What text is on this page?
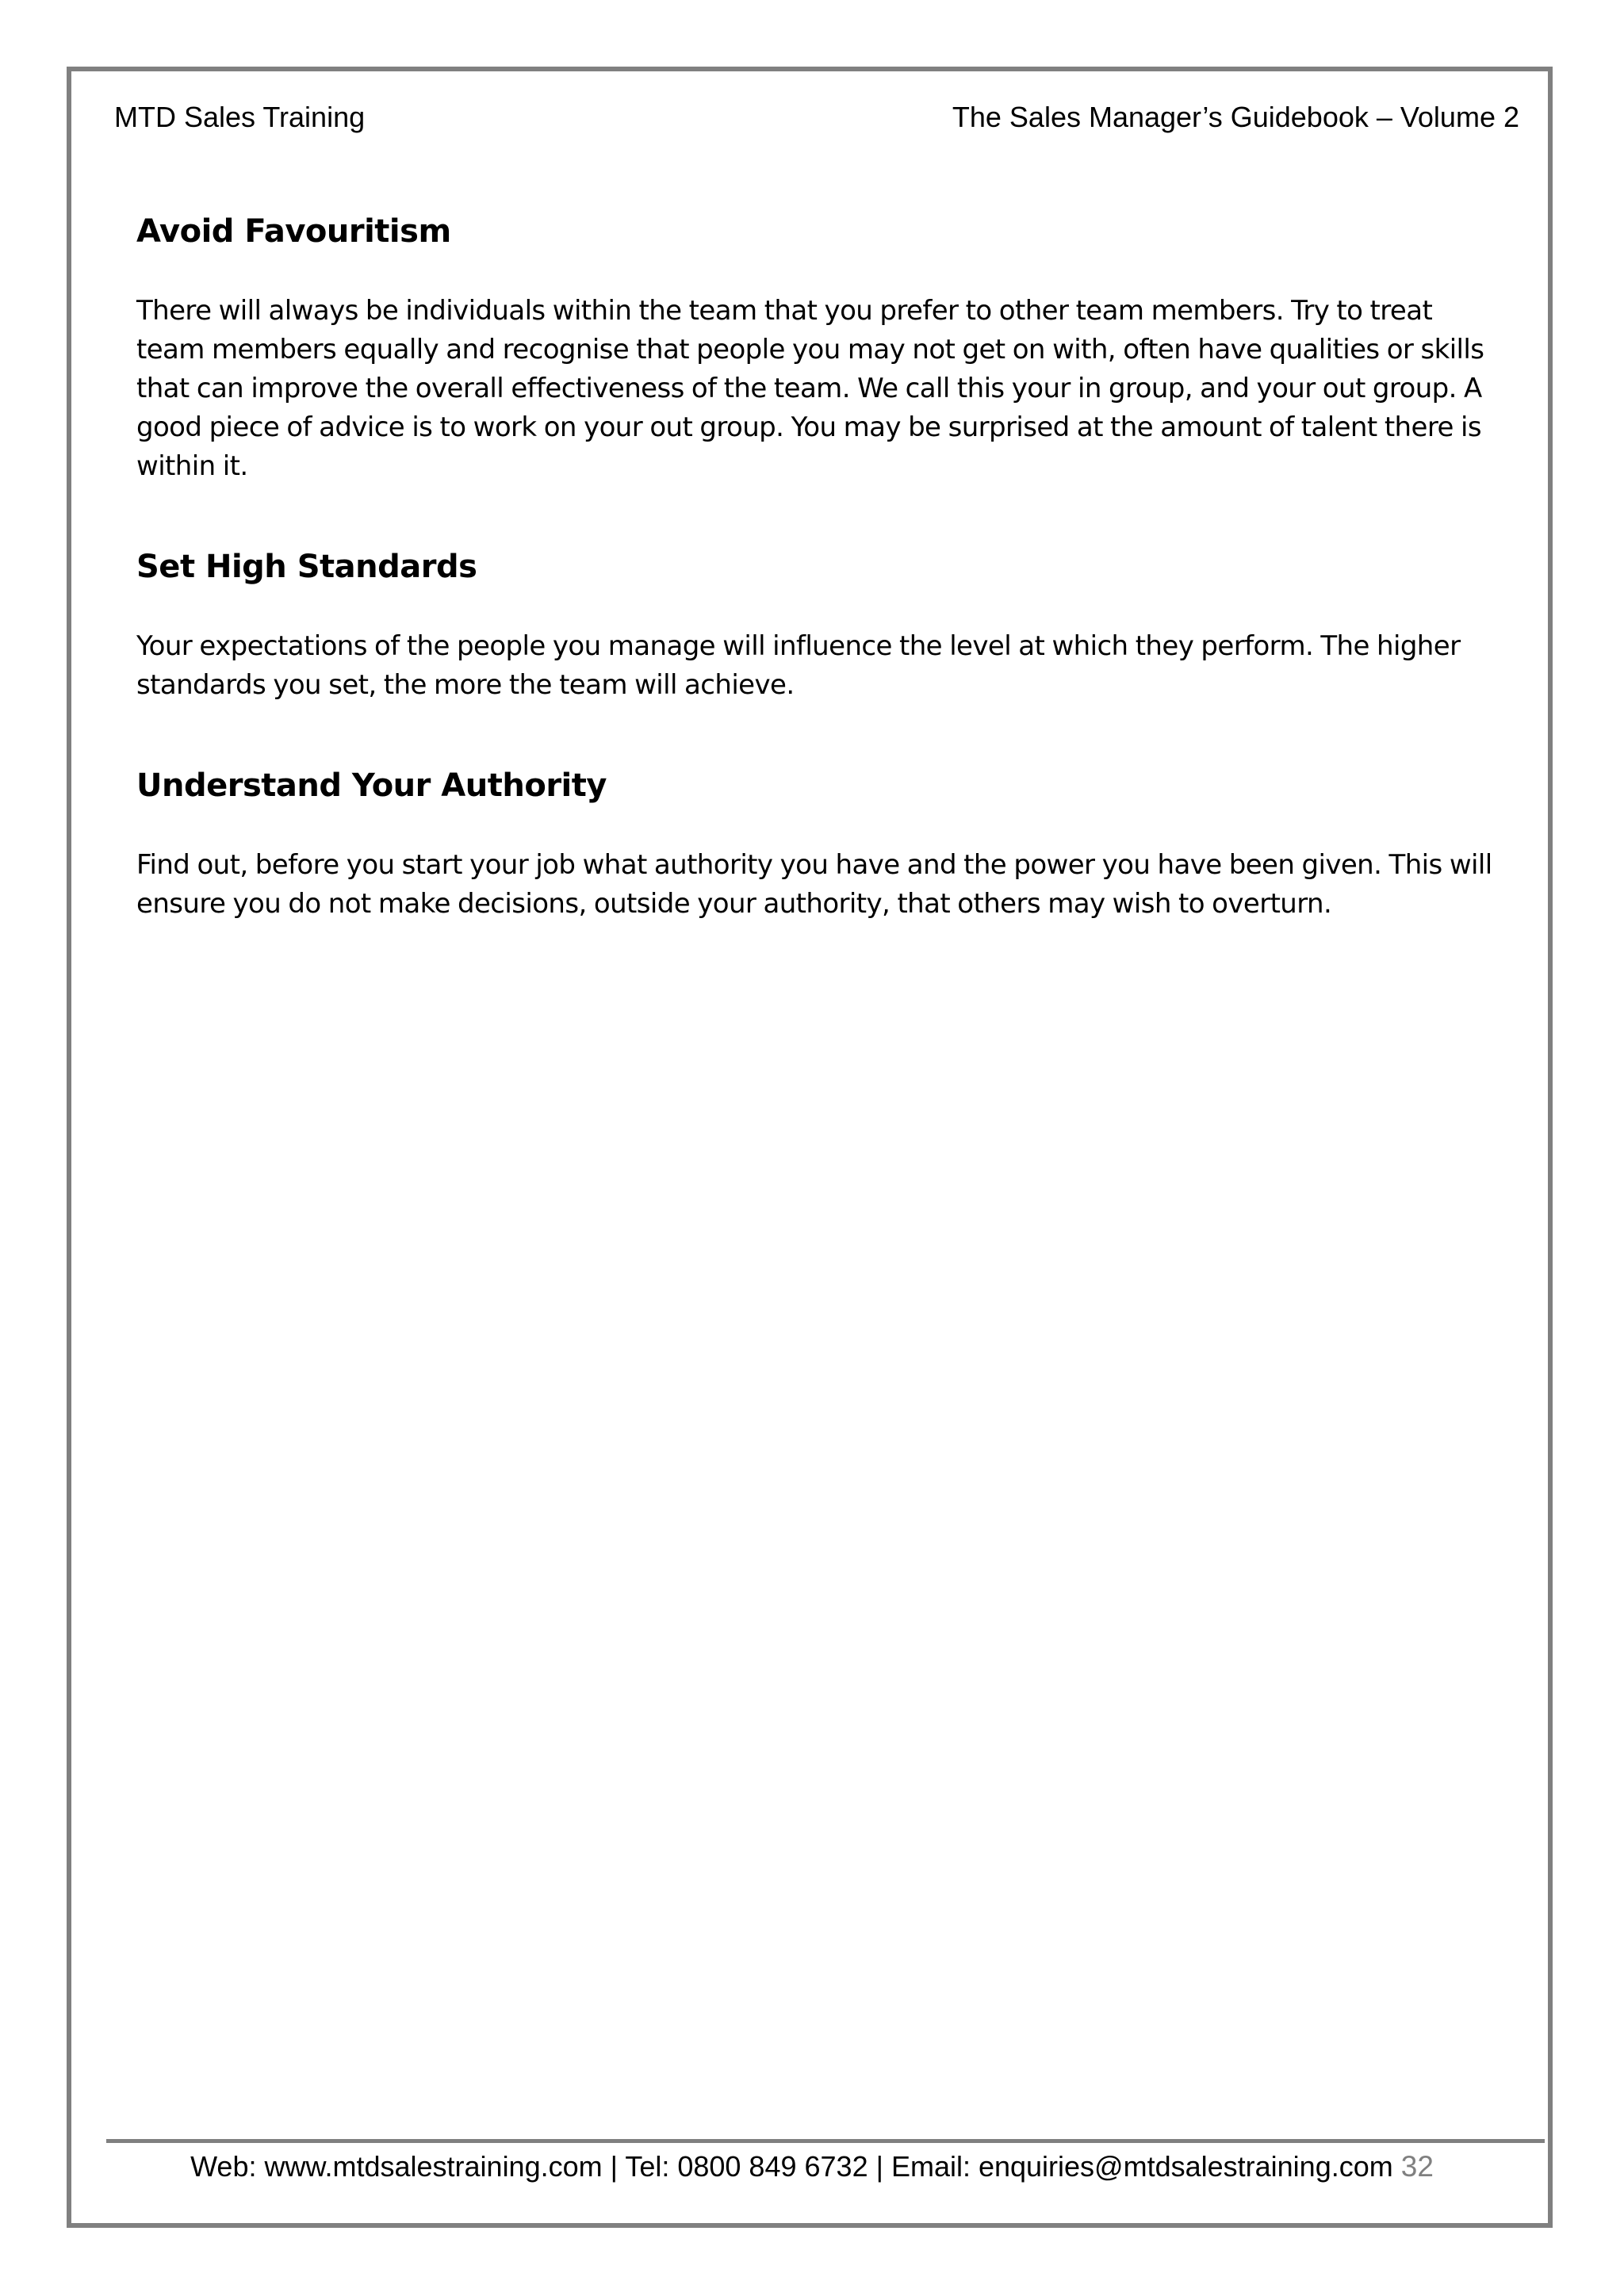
MTD Sales Training	The Sales Manager’s Guidebook – Volume 2
Avoid Favouritism

There will always be individuals within the team that you prefer to other team members. Try to treat team members equally and recognise that people you may not get on with, often have qualities or skills that can improve the overall effectiveness of the team. We call this your in group, and your out group. A good piece of advice is to work on your out group. You may be surprised at the amount of talent there is within it.

Set High Standards

Your expectations of the people you manage will influence the level at which they perform. The higher standards you set, the more the team will achieve.

Understand Your Authority

Find out, before you start your job what authority you have and the power you have been given. This will ensure you do not make decisions, outside your authority, that others may wish to overturn.

Web: www.mtdsalestraining.com | Tel: 0800 849 6732 | Email: enquiries@mtdsalestraining.com 32
